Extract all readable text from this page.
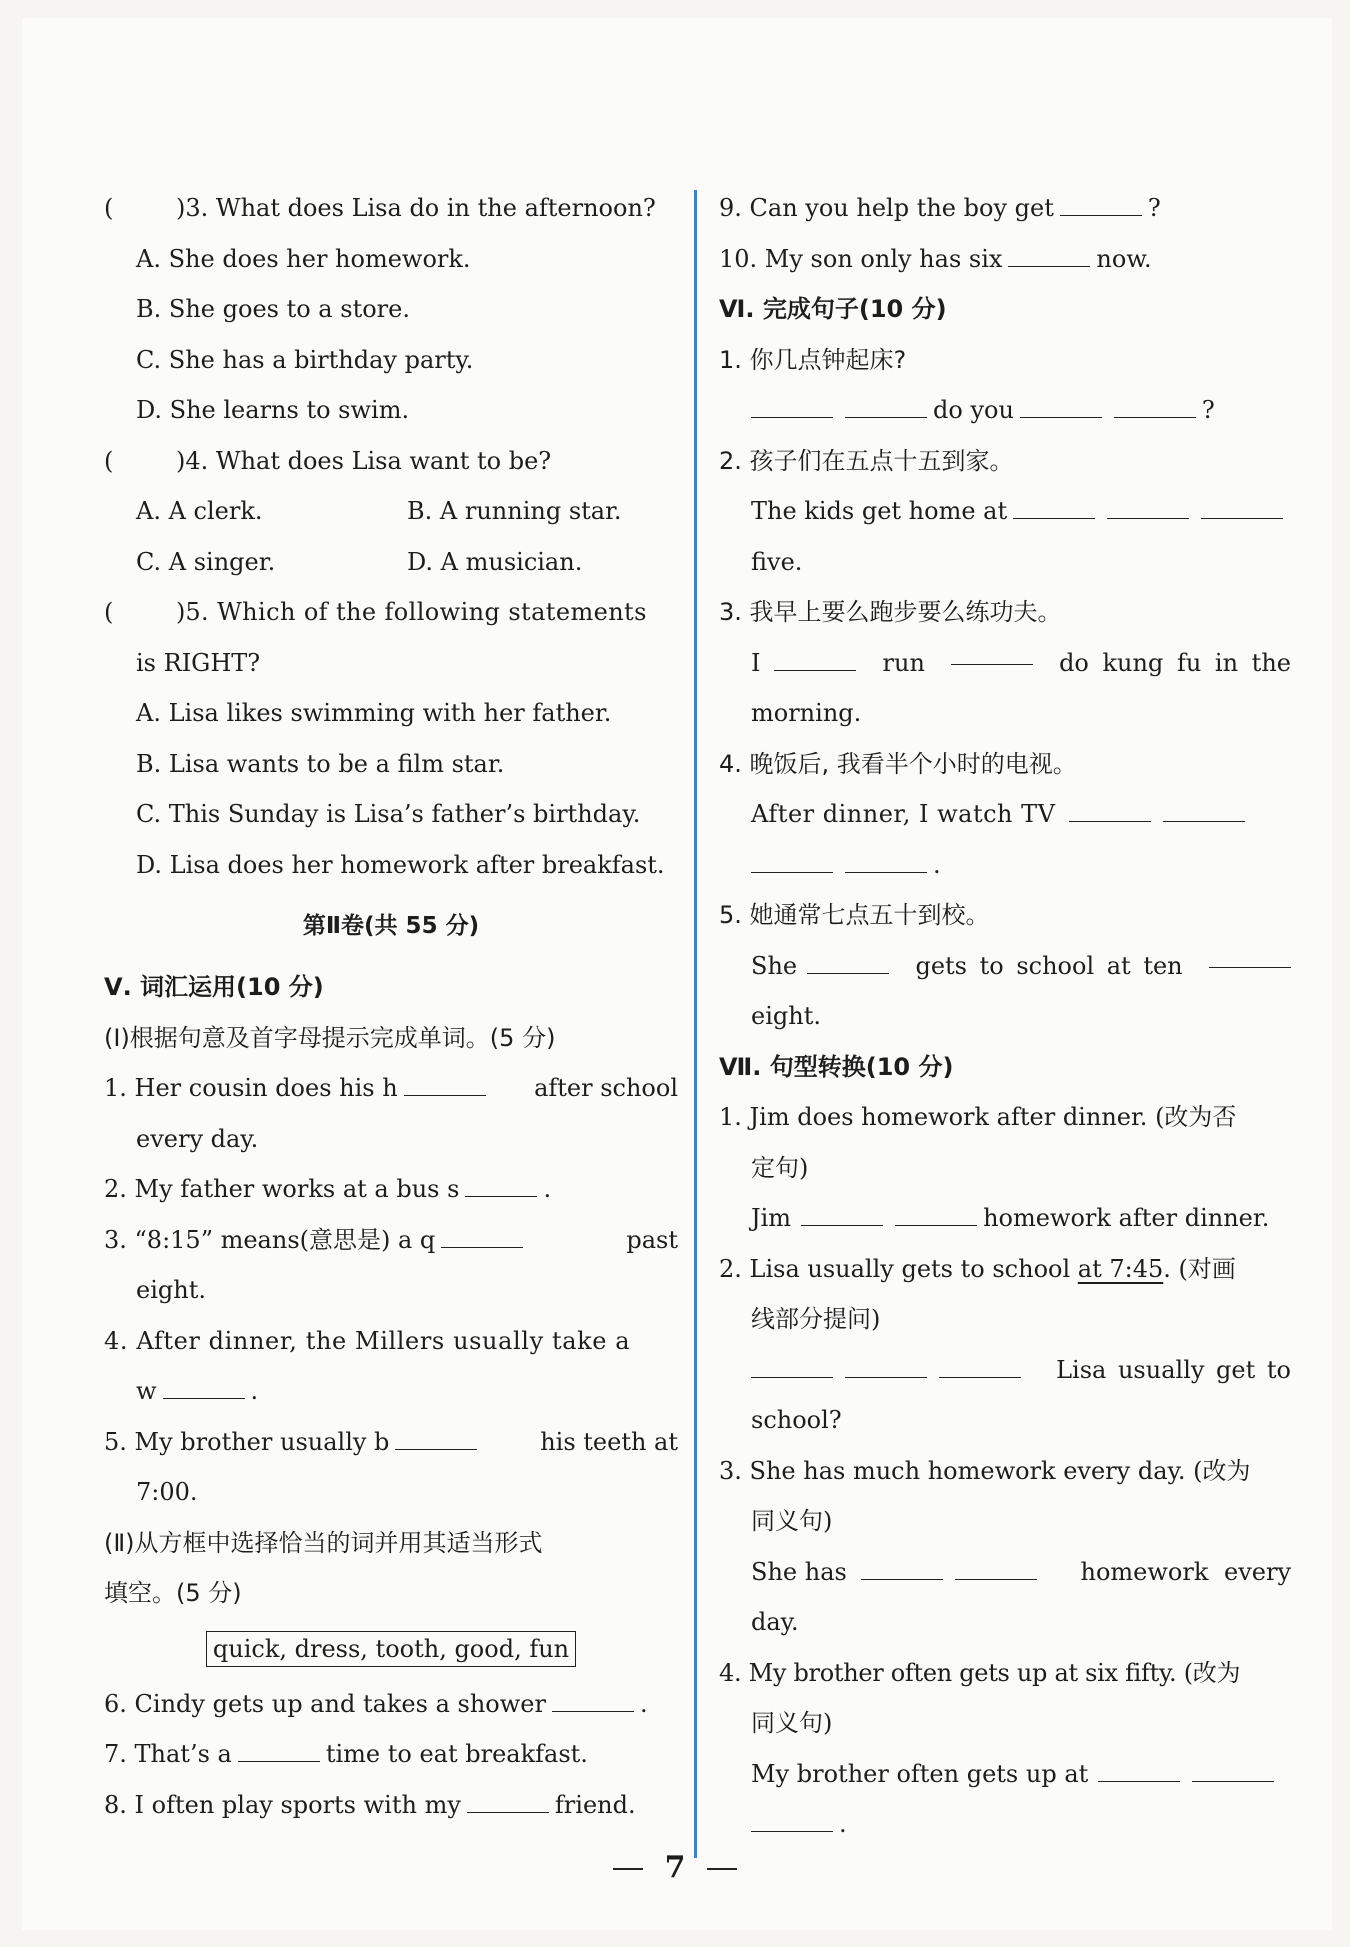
(	)3. What does Lisa do in the afternoon?
A. She does her homework.
B. She goes to a store.
C. She has a birthday party.
D. She learns to swim.
(	)4. What does Lisa want to be?
A. A clerk.	B. A running star.
C. A singer.	D. A musician.
(	)5. Which of the following statements
is RIGHT?
A. Lisa likes swimming with her father.
B. Lisa wants to be a film star.
C. This Sunday is Lisa’s father’s birthday.
D. Lisa does her homework after breakfast.
第Ⅱ卷(共 55 分)
Ⅴ. 词汇运用(10 分)
(Ⅰ)根据句意及首字母提示完成单词。(5 分)
1. Her cousin does his h	after school
every day.
2. My father works at a bus s	.
3. “8:15” means(意思是) a q	past
eight.
4. After dinner, the Millers usually take a
w	.
5. My brother usually b	his teeth at
7:00.
(Ⅱ)从方框中选择恰当的词并用其适当形式
填空。(5 分)
quick, dress, tooth, good, fun
6. Cindy gets up and takes a shower	.
7. That’s a	time to eat breakfast.
8. I often play sports with my	friend.
9. Can you help the boy get	?
10. My son only has six	now.
Ⅵ. 完成句子(10 分)
1. 你几点钟起床?
do you	?
2. 孩子们在五点十五到家。
The kids get home at
five.
3. 我早上要么跑步要么练功夫。
I	run	do kung fu in the
morning.
4. 晚饭后, 我看半个小时的电视。
After dinner, I watch TV
.
5. 她通常七点五十到校。
She	gets to school at ten
eight.
Ⅶ. 句型转换(10 分)
1. Jim does homework after dinner. (改为否
定句)
Jim	homework after dinner.
2. Lisa usually gets to school at 7:45. (对画
线部分提问)
Lisa usually get to
school?
3. She has much homework every day. (改为
同义句)
She has	homework every
day.
4. My brother often gets up at six fifty. (改为
同义句)
My brother often gets up at
.
7
